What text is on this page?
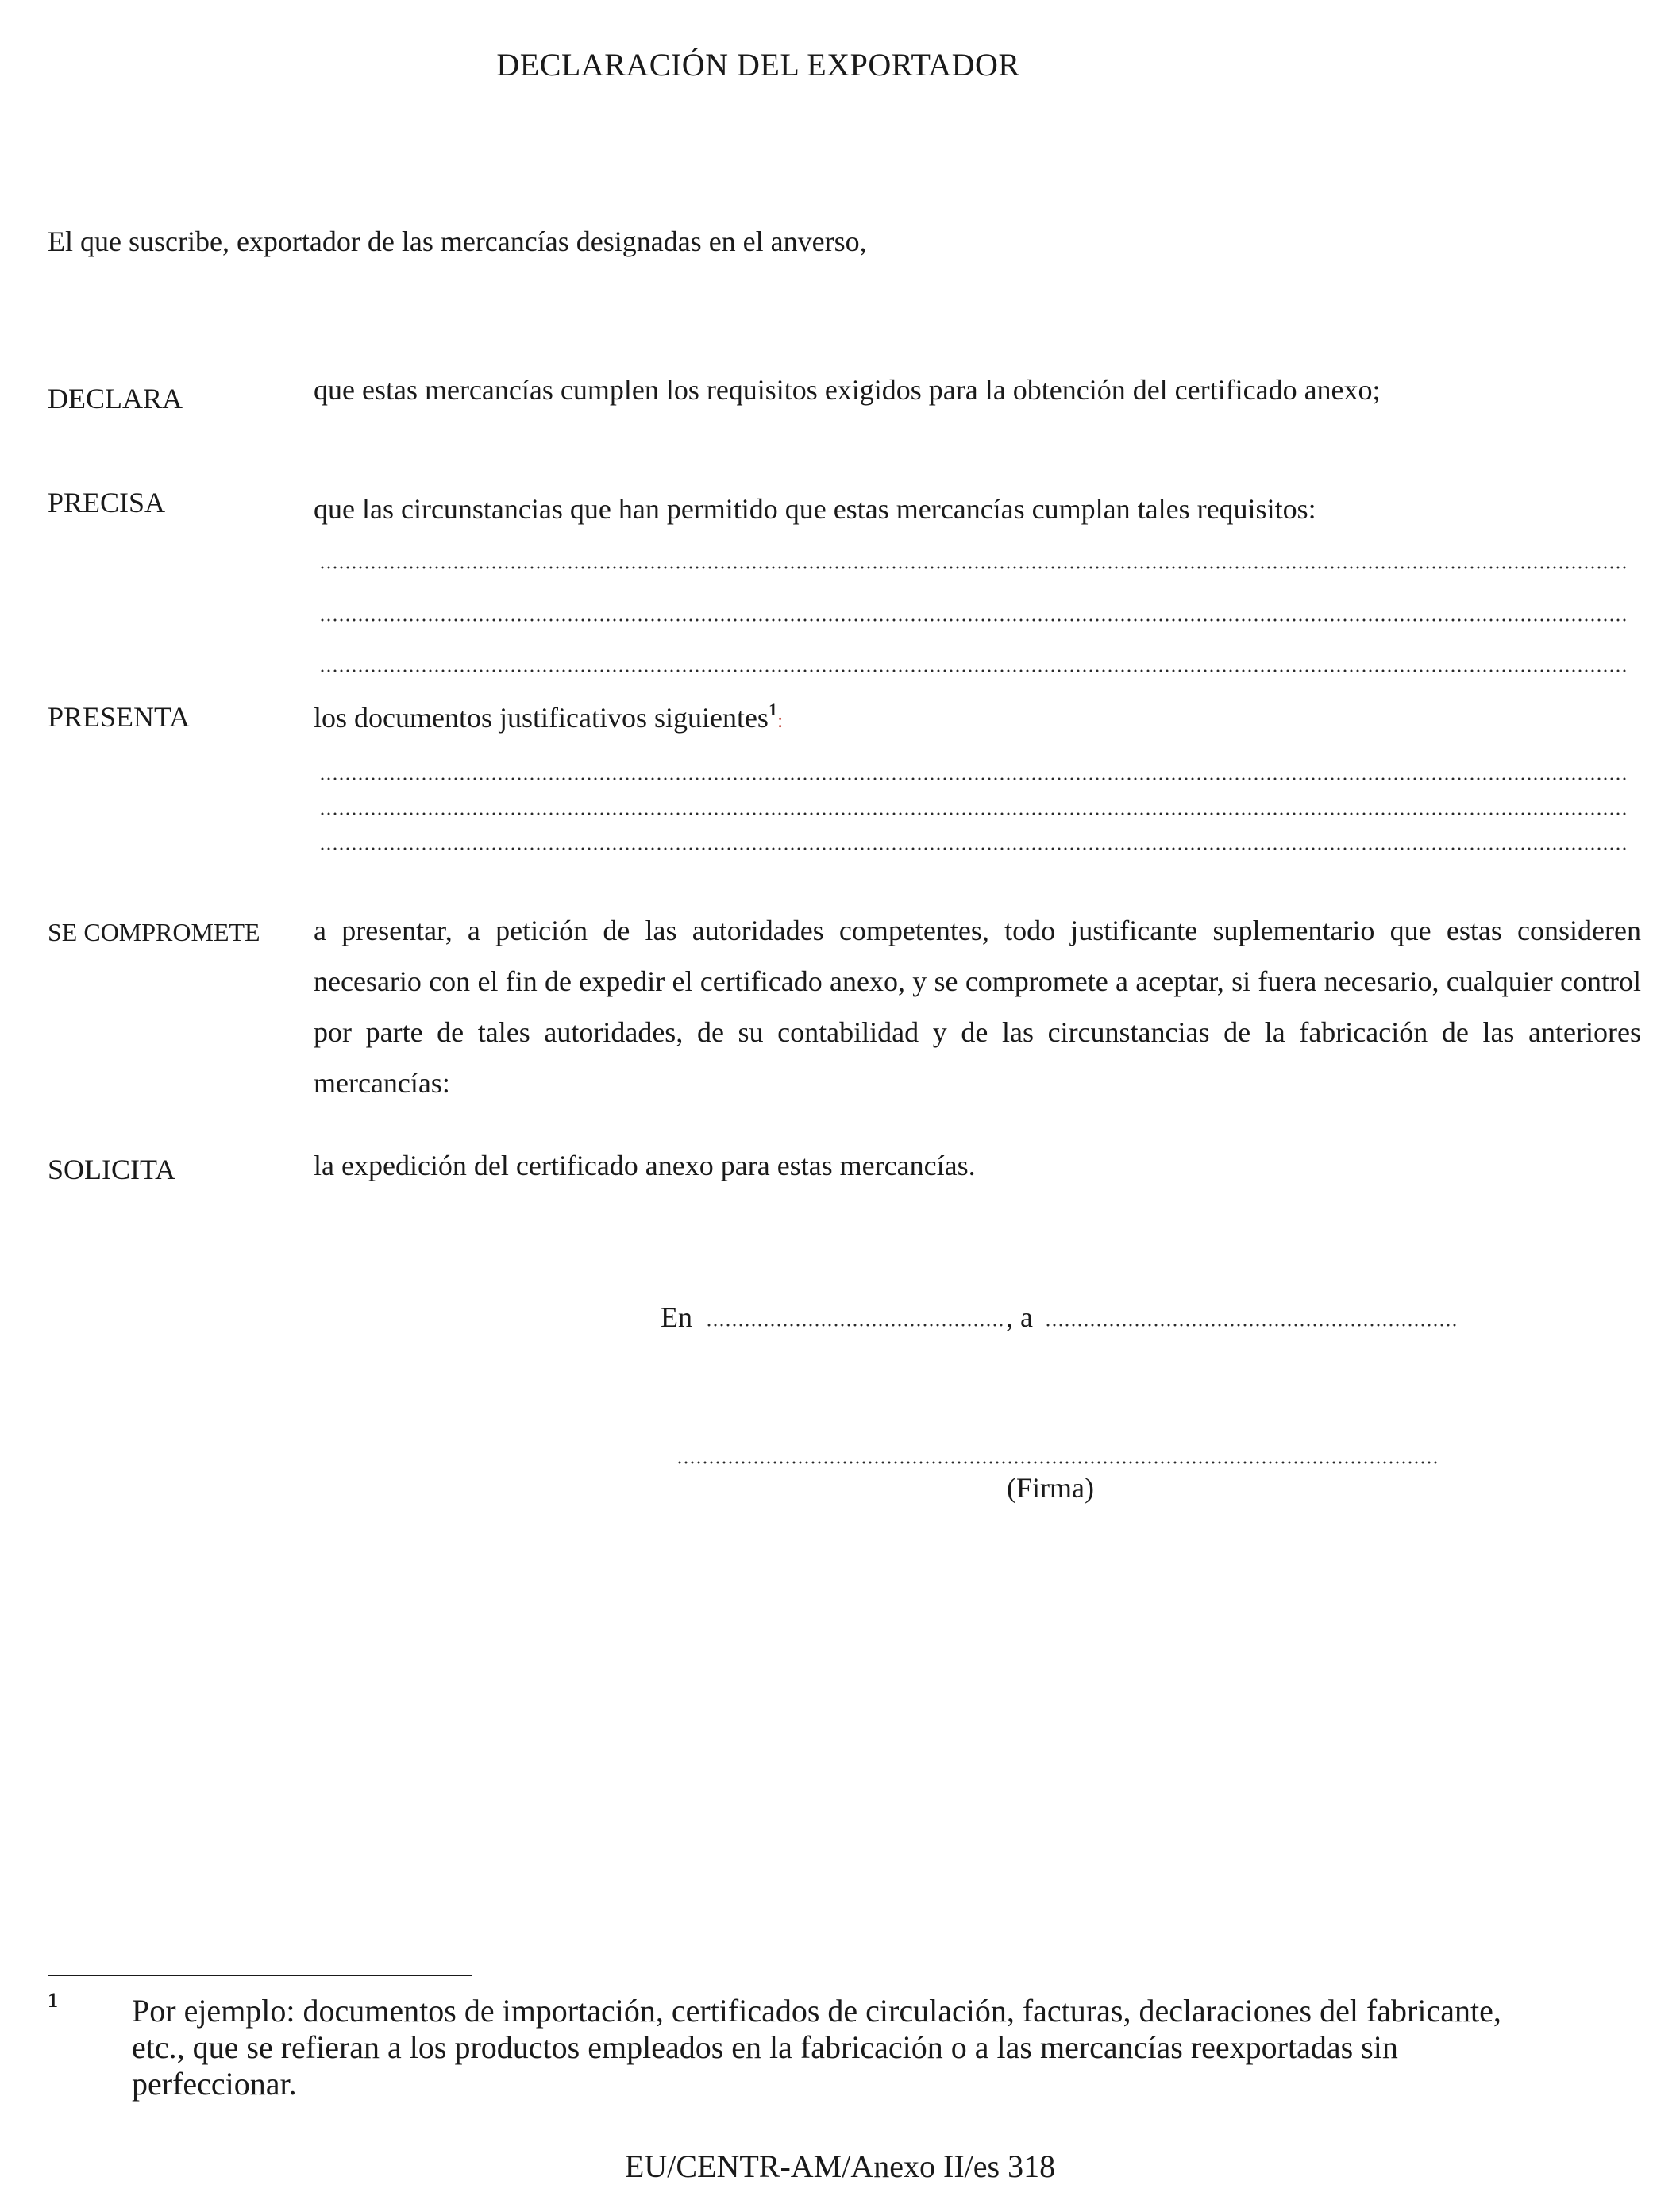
DECLARACIÓN DEL EXPORTADOR
El que suscribe, exportador de las mercancías designadas en el anverso,
DECLARA	que estas mercancías cumplen los requisitos exigidos para la obtención del certificado anexo;
PRECISA	que las circunstancias que han permitido que estas mercancías cumplan tales requisitos:
PRESENTA	los documentos justificativos siguientes$^1$:
SE COMPROMETE a presentar, a petición de las autoridades competentes, todo justificante suplementario que estas consideren necesario con el fin de expedir el certificado anexo, y se compromete a aceptar, si fuera necesario, cualquier control por parte de tales autoridades, de su contabilidad y de las circunstancias de la fabricación de las anteriores mercancías:
SOLICITA	la expedición del certificado anexo para estas mercancías.
En	, a
(Firma)
1 Por ejemplo: documentos de importación, certificados de circulación, facturas, declaraciones del fabricante, etc., que se refieran a los productos empleados en la fabricación o a las mercancías reexportadas sin perfeccionar.
EU/CENTR-AM/Anexo II/es 318
